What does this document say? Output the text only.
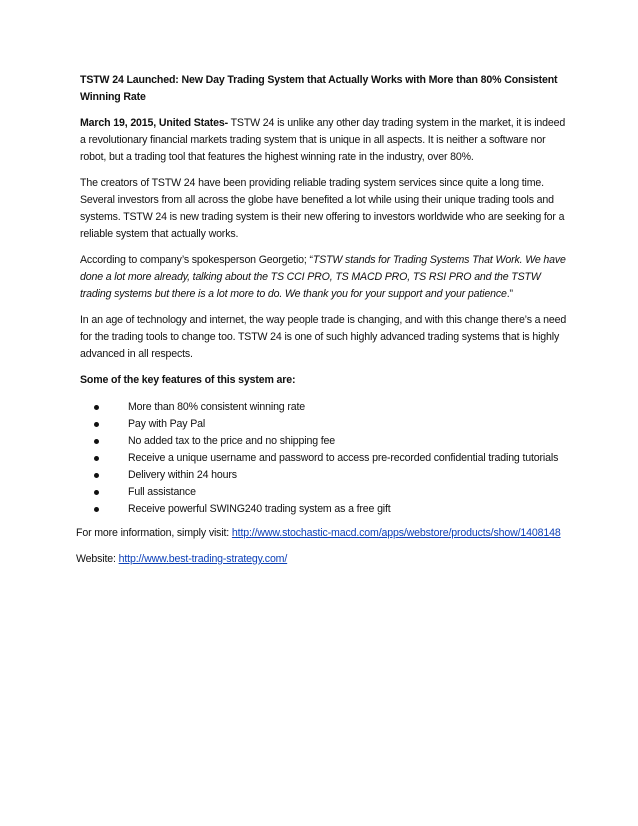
TSTW 24 Launched: New Day Trading System that Actually Works with More than 80% Consistent Winning Rate

March 19, 2015, United States- TSTW 24 is unlike any other day trading system in the market, it is indeed a revolutionary financial markets trading system that is unique in all aspects. It is neither a software nor robot, but a trading tool that features the highest winning rate in the industry, over 80%.

The creators of TSTW 24 have been providing reliable trading system services since quite a long time. Several investors from all across the globe have benefited a lot while using their unique trading tools and systems. TSTW 24 is new trading system is their new offering to investors worldwide who are seeking for a reliable system that actually works.

According to company’s spokesperson Georgetio; “TSTW stands for Trading Systems That Work. We have done a lot more already, talking about the TS CCI PRO, TS MACD PRO, TS RSI PRO and the TSTW trading systems but there is a lot more to do. We thank you for your support and your patience.”

In an age of technology and internet, the way people trade is changing, and with this change there’s a need for the trading tools to change too. TSTW 24 is one of such highly advanced trading systems that is highly advanced in all respects.

Some of the key features of this system are:
More than 80% consistent winning rate
Pay with Pay Pal
No added tax to the price and no shipping fee
Receive a unique username and password to access pre-recorded confidential trading tutorials
Delivery within 24 hours
Full assistance
Receive powerful SWING240 trading system as a free gift

For more information, simply visit: http://www.stochastic-macd.com/apps/webstore/products/show/1408148

Website: http://www.best-trading-strategy.com/
